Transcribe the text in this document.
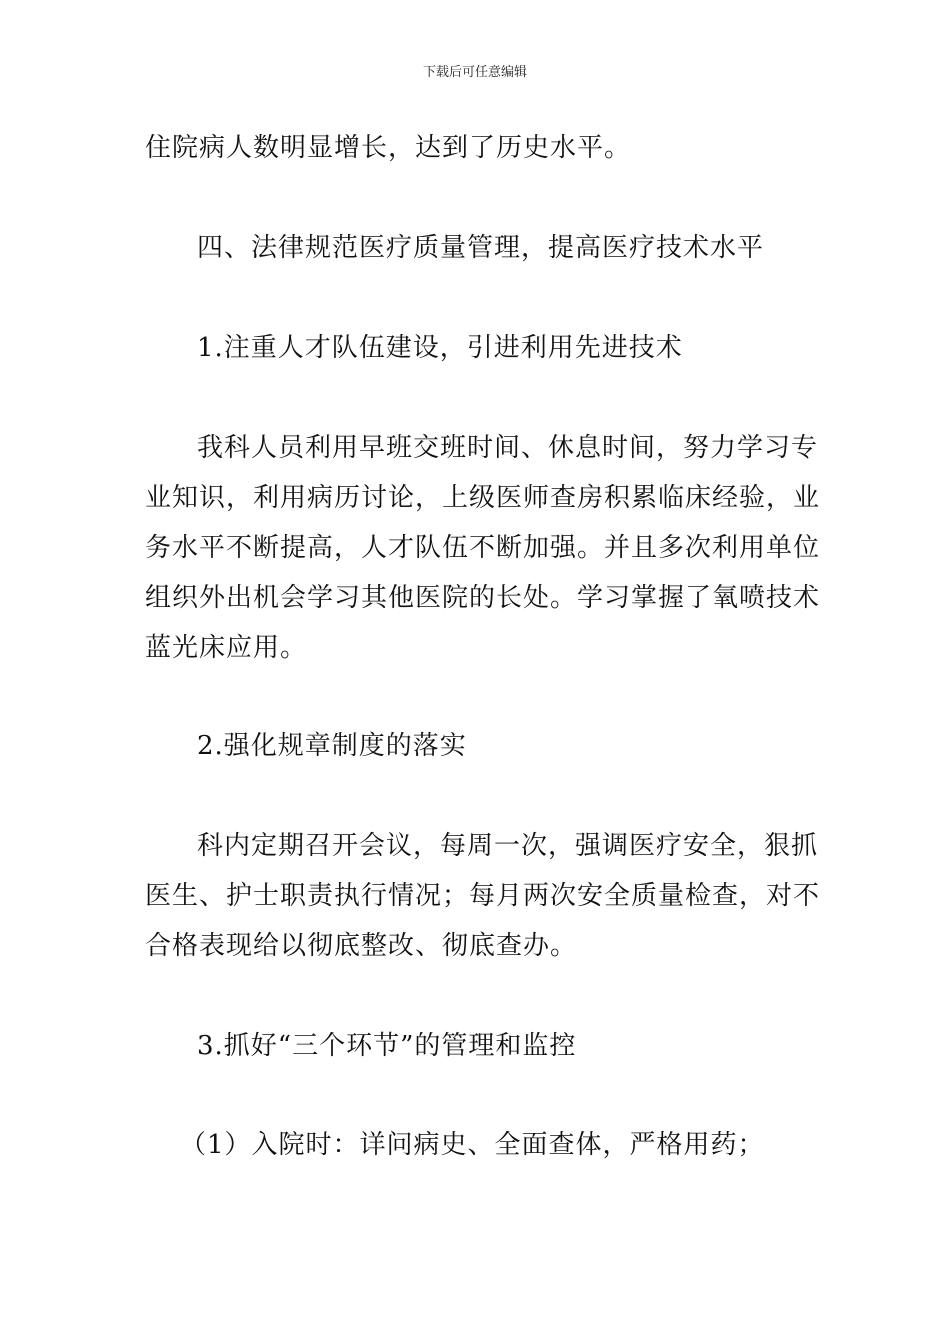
下载后可任意编辑
住院病人数明显增长，达到了历史水平。
四、法律规范医疗质量管理，提高医疗技术水平
1.注重人才队伍建设，引进利用先进技术
我科人员利用早班交班时间、休息时间，努力学习专
业知识，利用病历讨论，上级医师查房积累临床经验，业
务水平不断提高，人才队伍不断加强。并且多次利用单位
组织外出机会学习其他医院的长处。学习掌握了氧喷技术
蓝光床应用。
2.强化规章制度的落实
科内定期召开会议，每周一次，强调医疗安全，狠抓
医生、护士职责执行情况；每月两次安全质量检查，对不
合格表现给以彻底整改、彻底查办。
3.抓好“三个环节”的管理和监控
（1）入院时：详问病史、全面查体，严格用药；
